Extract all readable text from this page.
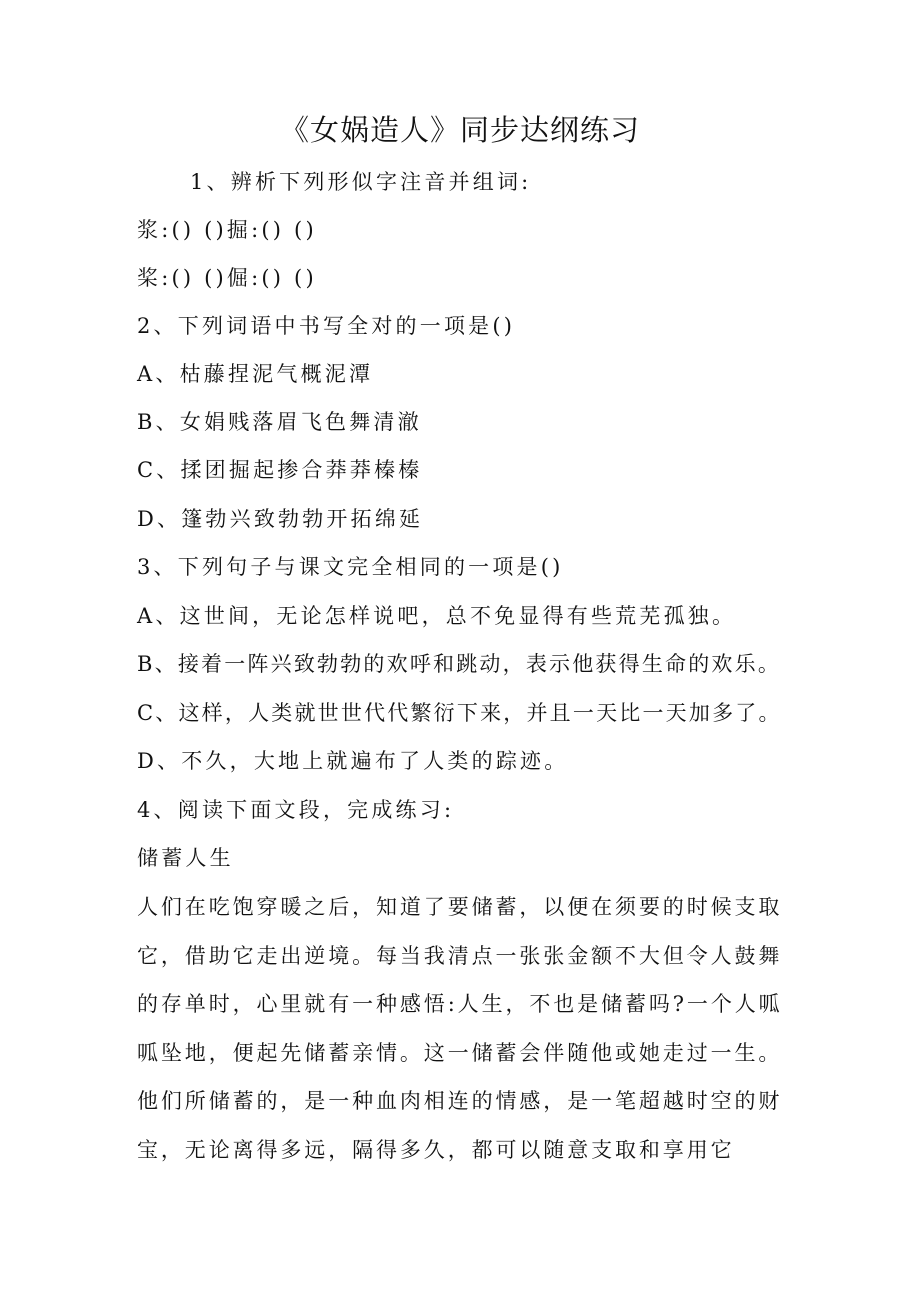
《女娲造人》同步达纲练习
1、辨析下列形似字注音并组词:
浆:() ()掘:() ()
桨:() ()倔:() ()
2、下列词语中书写全对的一项是()
A、枯藤捏泥气概泥潭
B、女娟贱落眉飞色舞清澈
C、揉团掘起掺合莽莽榛榛
D、篷勃兴致勃勃开拓绵延
3、下列句子与课文完全相同的一项是()
A、这世间，无论怎样说吧，总不免显得有些荒芜孤独。
B、接着一阵兴致勃勃的欢呼和跳动，表示他获得生命的欢乐。
C、这样，人类就世世代代繁衍下来，并且一天比一天加多了。
D、不久，大地上就遍布了人类的踪迹。
4、阅读下面文段，完成练习:
储蓄人生
人们在吃饱穿暖之后，知道了要储蓄，以便在须要的时候支取它，借助它走出逆境。每当我清点一张张金额不大但令人鼓舞的存单时，心里就有一种感悟:人生，不也是储蓄吗?一个人呱呱坠地，便起先储蓄亲情。这一储蓄会伴随他或她走过一生。他们所储蓄的，是一种血肉相连的情感，是一笔超越时空的财宝，无论离得多远，隔得多久，都可以随意支取和享用它
